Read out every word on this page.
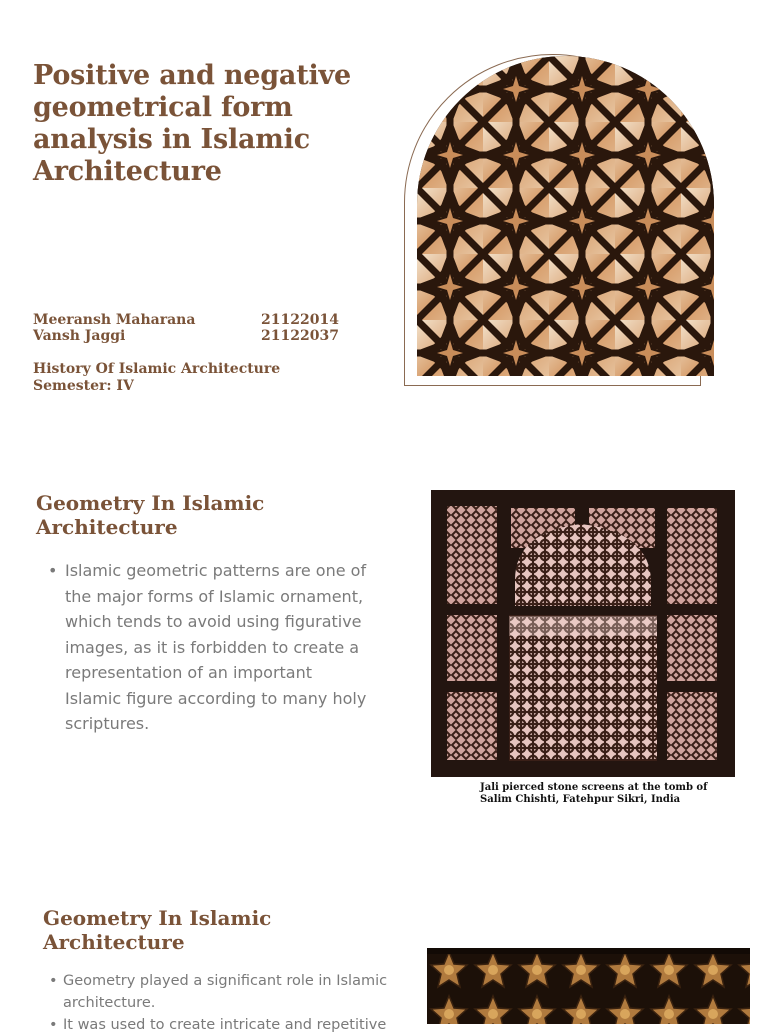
Positive and negative geometrical form analysis in Islamic Architecture
Meeransh Maharana	21122014
Vansh Jaggi	21122037
History Of Islamic Architecture
Semester: IV
Geometry In Islamic Architecture
• Islamic geometric patterns are one of the major forms of Islamic ornament, which tends to avoid using figurative images, as it is forbidden to create a representation of an important Islamic figure according to many holy scriptures.
Jali pierced stone screens at the tomb of Salim Chishti, Fatehpur Sikri, India
Geometry In Islamic Architecture
• Geometry played a significant role in Islamic architecture.
• It was used to create intricate and repetitive
